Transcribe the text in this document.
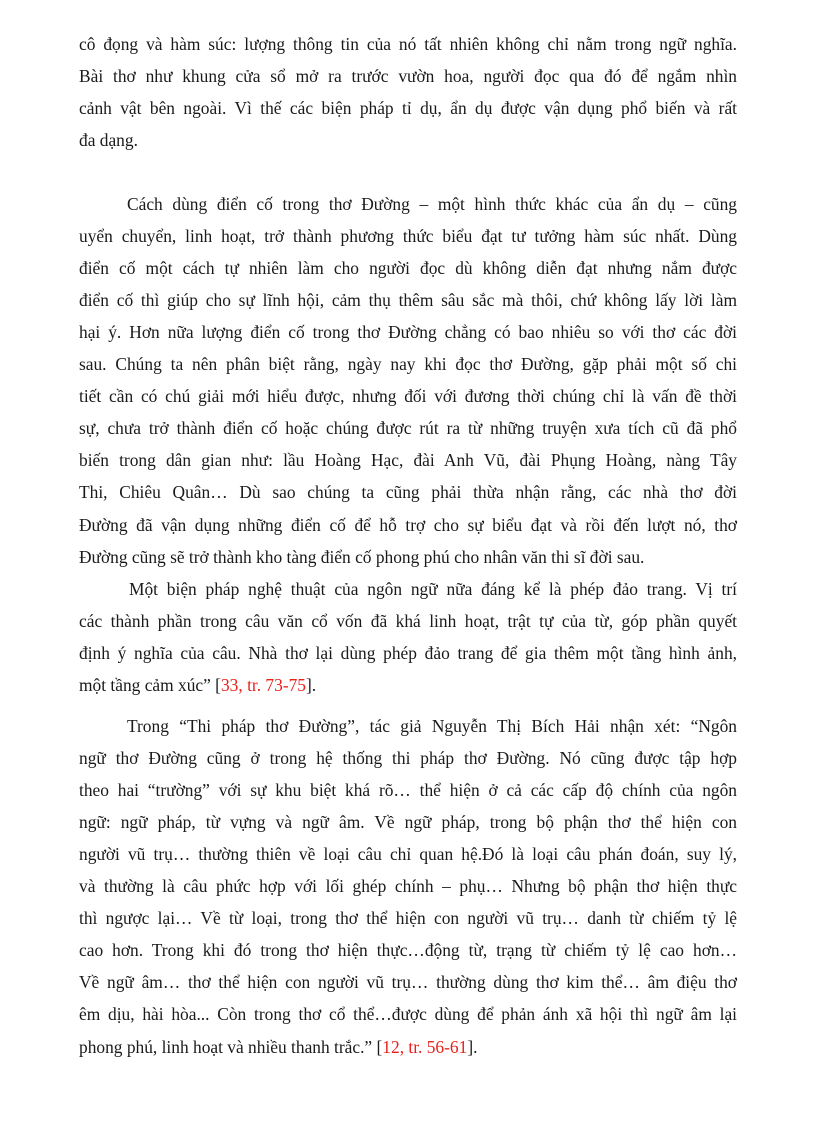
cô đọng và hàm súc: lượng thông tin của nó tất nhiên không chỉ nằm trong ngữ nghĩa.
Bài thơ như khung cửa sổ mở ra trước vườn hoa, người đọc qua đó để ngắm nhìn
cảnh vật bên ngoài. Vì thế các biện pháp tỉ dụ, ẩn dụ được vận dụng phổ biến và rất
đa dạng.
Cách dùng điển cố trong thơ Đường – một hình thức khác của ẩn dụ – cũng
uyển chuyển, linh hoạt, trở thành phương thức biểu đạt tư tưởng hàm súc nhất. Dùng
điển cố một cách tự nhiên làm cho người đọc dù không diễn đạt nhưng nắm được
điển cố thì giúp cho sự lĩnh hội, cảm thụ thêm sâu sắc mà thôi, chứ không lấy lời làm
hại ý. Hơn nữa lượng điển cố trong thơ Đường chẳng có bao nhiêu so với thơ các đời
sau. Chúng ta nên phân biệt rằng, ngày nay khi đọc thơ Đường, gặp phải một số chi
tiết cần có chú giải mới hiểu được, nhưng đối với đương thời chúng chỉ là vấn đề thời
sự, chưa trở thành điển cố hoặc chúng được rút ra từ những truyện xưa tích cũ đã phổ
biến trong dân gian như: lầu Hoàng Hạc, đài Anh Vũ, đài Phụng Hoàng, nàng Tây
Thi, Chiêu Quân… Dù sao chúng ta cũng phải thừa nhận rằng, các nhà thơ đời
Đường đã vận dụng những điển cố để hỗ trợ cho sự biểu đạt và rồi đến lượt nó, thơ
Đường cũng sẽ trở thành kho tàng điển cố phong phú cho nhân văn thi sĩ đời sau.
Một biện pháp nghệ thuật của ngôn ngữ nữa đáng kể là phép đảo trang. Vị trí
các thành phần trong câu văn cổ vốn đã khá linh hoạt, trật tự của từ, góp phần quyết
định ý nghĩa của câu. Nhà thơ lại dùng phép đảo trang để gia thêm một tầng hình ảnh,
một tầng cảm xúc” [33, tr. 73-75].
Trong “Thi pháp thơ Đường”, tác giả Nguyễn Thị Bích Hải nhận xét: “Ngôn
ngữ thơ Đường cũng ở trong hệ thống thi pháp thơ Đường. Nó cũng được tập hợp
theo hai “trường” với sự khu biệt khá rõ… thể hiện ở cả các cấp độ chính của ngôn
ngữ: ngữ pháp, từ vựng và ngữ âm. Về ngữ pháp, trong bộ phận thơ thể hiện con
người vũ trụ… thường thiên về loại câu chỉ quan hệ.Đó là loại câu phán đoán, suy lý,
và thường là câu phức hợp với lối ghép chính – phụ… Nhưng bộ phận thơ hiện thực
thì ngược lại… Về từ loại, trong thơ thể hiện con người vũ trụ… danh từ chiếm tỷ lệ
cao hơn. Trong khi đó trong thơ hiện thực…động từ, trạng từ chiếm tỷ lệ cao hơn…
Về ngữ âm… thơ thể hiện con người vũ trụ… thường dùng thơ kim thể… âm điệu thơ
êm dịu, hài hòa... Còn trong thơ cổ thể…được dùng để phản ánh xã hội thì ngữ âm lại
phong phú, linh hoạt và nhiều thanh trắc.” [12, tr. 56-61].
